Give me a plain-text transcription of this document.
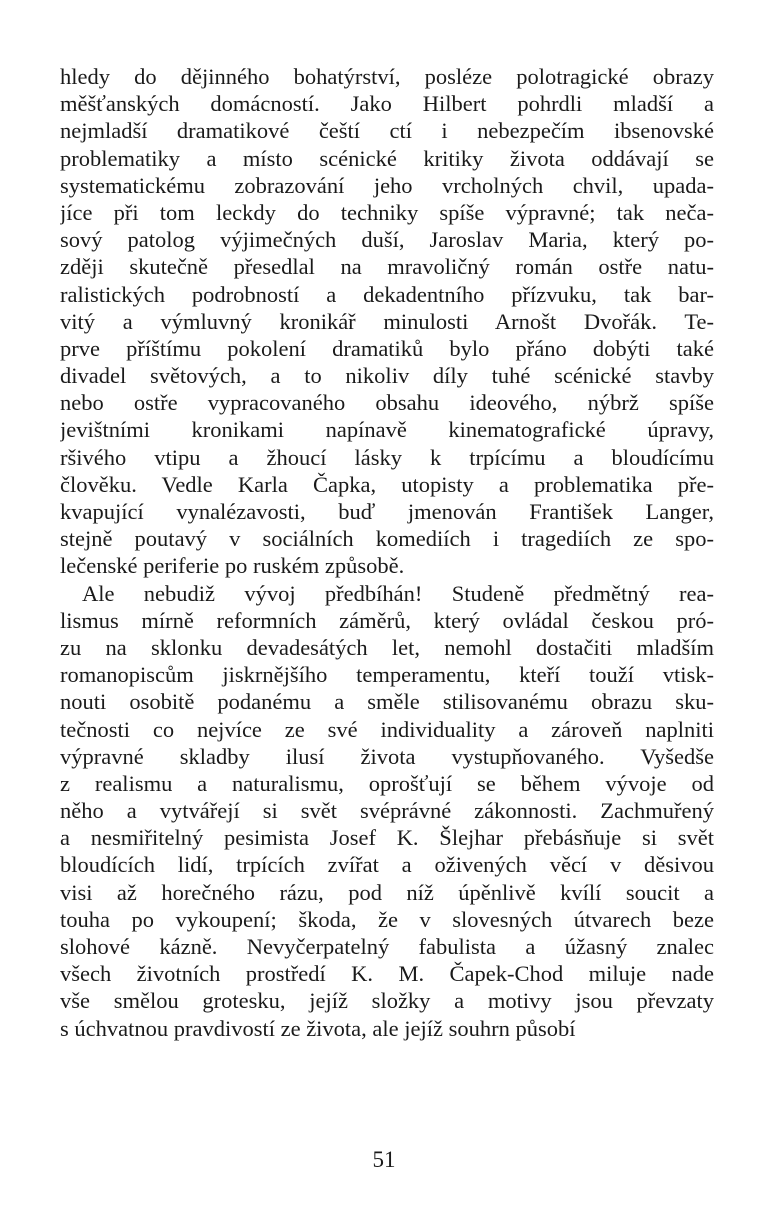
hledy do dějinného bohatýrství, posléze polotragické obrazy
měšťanských domácností. Jako Hilbert pohrdli mladší a
nejmladší dramatikové čeští ctí i nebezpečím ibsenovské
problematiky a místo scénické kritiky života oddávají se
systematickému zobrazování jeho vrcholných chvil, upada-
jíce při tom leckdy do techniky spíše výpravné; tak neča-
sový patolog výjimečných duší, Jaroslav Maria, který po-
zději skutečně přesedlal na mravoličný román ostře natu-
ralistických podrobností a dekadentního přízvuku, tak bar-
vitý a výmluvný kronikář minulosti Arnošt Dvořák. Te-
prve příštímu pokolení dramatiků bylo přáno dobýti také
divadel světových, a to nikoliv díly tuhé scénické stavby
nebo ostře vypracovaného obsahu ideového, nýbrž spíše
jevištními kronikami napínavě kinematografické úpravy,
ršivého vtipu a žhoucí lásky k trpícímu a bloudícímu
člověku. Vedle Karla Čapka, utopisty a problematika pře-
kvapující vynalézavosti, buď jmenován František Langer,
stejně poutavý v sociálních komediích i tragediích ze spo-
lečenské periferie po ruském způsobě.
Ale nebudiž vývoj předbíhán! Studeně předmětný rea-
lismus mírně reformních záměrů, který ovládal českou pró-
zu na sklonku devadesátých let, nemohl dostačiti mladším
romanopiscům jiskrnějšího temperamentu, kteří touží vtisk-
nouti osobitě podanému a směle stilisovanému obrazu sku-
tečnosti co nejvíce ze své individuality a zároveň naplniti
výpravné skladby ilusí života vystupňovaného. Vyšedše
z realismu a naturalismu, oprošťují se během vývoje od
něho a vytvářejí si svět svéprávné zákonnosti. Zachmuřený
a nesmiřitelný pesimista Josef K. Šlejhar přebásňuje si svět
bloudících lidí, trpících zvířat a oživených věcí v děsivou
visi až horečného rázu, pod níž úpěnlivě kvílí soucit a
touha po vykoupení; škoda, že v slovesných útvarech beze
slohové kázně. Nevyčerpatelný fabulista a úžasný znalec
všech životních prostředí K. M. Čapek-Chod miluje nade
vše smělou grotesku, jejíž složky a motivy jsou převzaty
s úchvatnou pravdivostí ze života, ale jejíž souhrn působí
51
